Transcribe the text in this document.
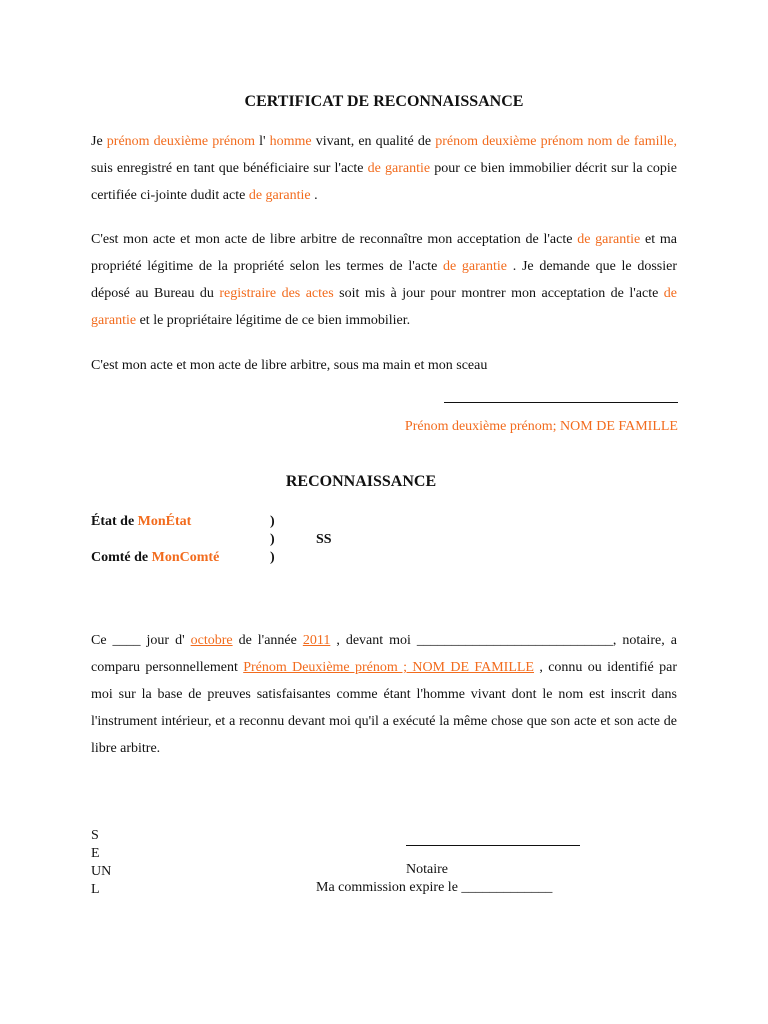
CERTIFICAT DE RECONNAISSANCE
Je prénom deuxième prénom l' homme vivant, en qualité de prénom deuxième prénom nom de famille, suis enregistré en tant que bénéficiaire sur l'acte de garantie pour ce bien immobilier décrit sur la copie certifiée ci-jointe dudit acte de garantie .
C'est mon acte et mon acte de libre arbitre de reconnaître mon acceptation de l'acte de garantie et ma propriété légitime de la propriété selon les termes de l'acte de garantie . Je demande que le dossier déposé au Bureau du registraire des actes soit mis à jour pour montrer mon acceptation de l'acte de garantie et le propriétaire légitime de ce bien immobilier.
C'est mon acte et mon acte de libre arbitre, sous ma main et mon sceau
Prénom deuxième prénom; NOM DE FAMILLE
RECONNAISSANCE
État de MonÉtat
Comté de MonComté
)
)
)
SS
Ce ____ jour d' octobre de l'année 2011 , devant moi ____________________________, notaire, a comparu personnellement Prénom Deuxième prénom ; NOM DE FAMILLE , connu ou identifié par moi sur la base de preuves satisfaisantes comme étant l'homme vivant dont le nom est inscrit dans l'instrument intérieur, et a reconnu devant moi qu'il a exécuté la même chose que son acte et son acte de libre arbitre.
S
E
UN
L
Notaire
Ma commission expire le _____________
